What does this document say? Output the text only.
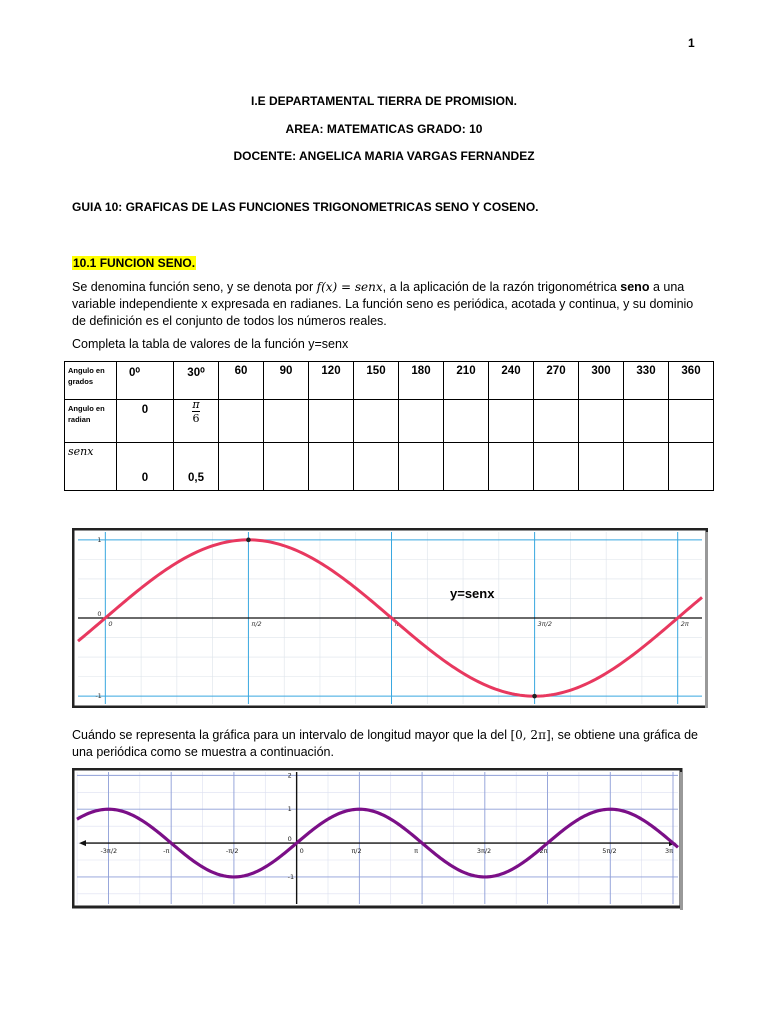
1
I.E DEPARTAMENTAL TIERRA DE PROMISION.
AREA: MATEMATICAS GRADO: 10
DOCENTE: ANGELICA MARIA VARGAS FERNANDEZ
GUIA 10: GRAFICAS DE LAS FUNCIONES TRIGONOMETRICAS SENO Y COSENO.
10.1 FUNCION SENO.
Se denomina función seno, y se denota por f(x) = senx, a la aplicación de la razón trigonométrica seno a una variable independiente x expresada en radianes. La función seno es periódica, acotada y continua, y su dominio de definición es el conjunto de todos los números reales.
Completa la tabla de valores de la función y=senx
Angulo en grados	0⁰	30⁰	60	90	120	150	180	210	240	270	300	330	360
Angulo en radian	0	$\frac{\pi}{6}$

senx	0	0,5											
0	π/2	π	3π/2	2π
1
0
-1
y=senx
Cuándo se representa la gráfica para un intervalo de longitud mayor que la del [0, 2π], se obtiene una gráfica de una periódica como se muestra a continuación.
-3π/2	-π	-π/2	0	π/2	π	3π/2	2π	5π/2	3π
2
1
0
-1
